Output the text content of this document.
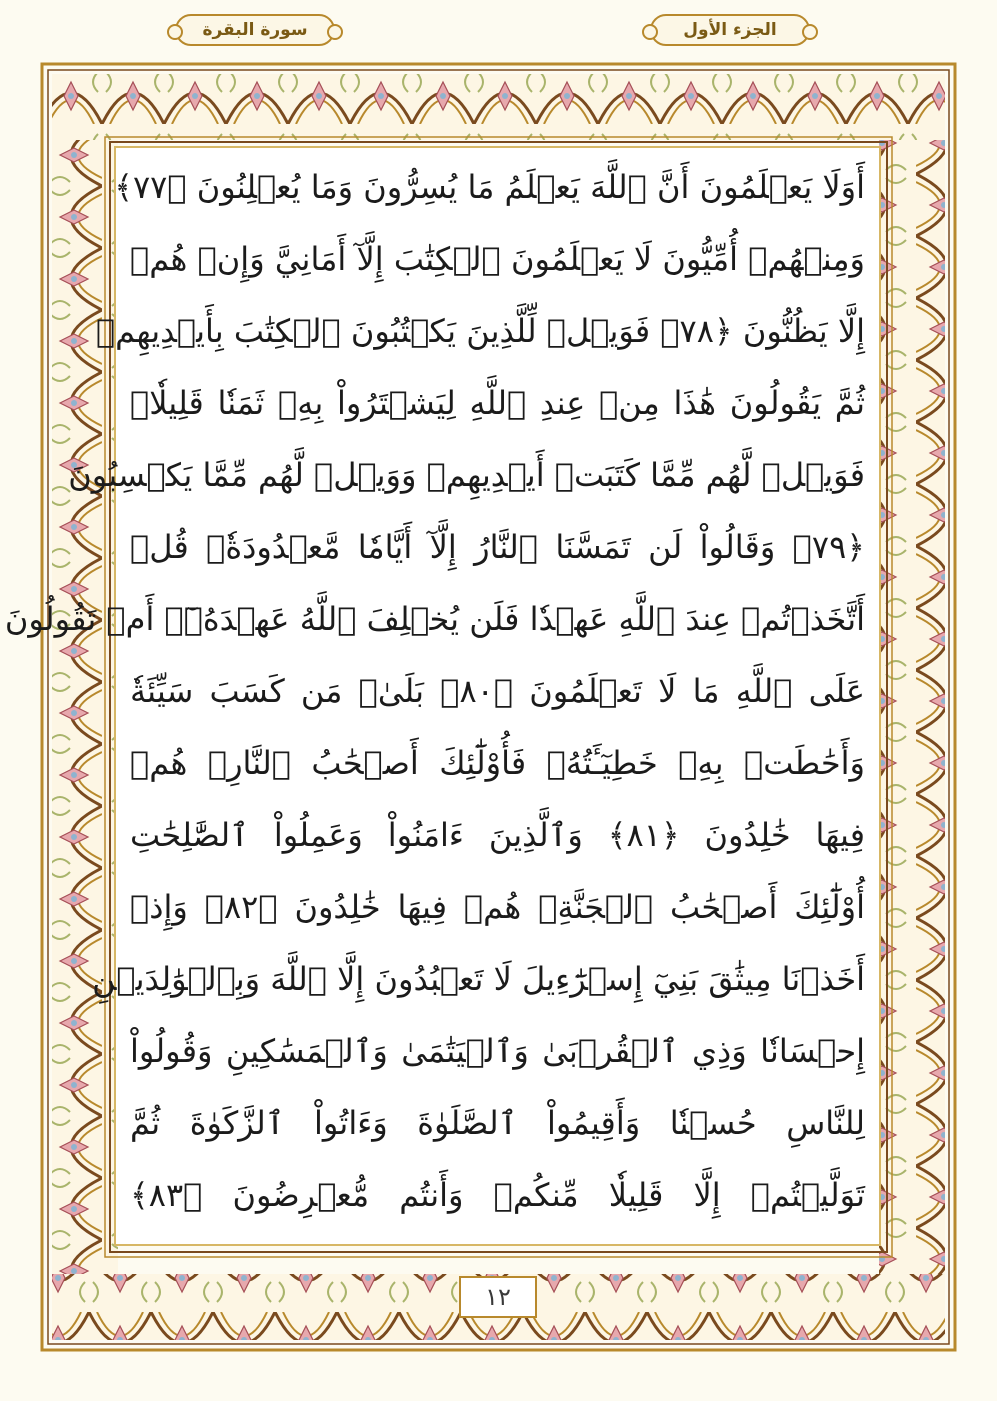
الجزء الأول
سورة البقرة
أَوَلَا يَعۡلَمُونَ أَنَّ ٱللَّهَ يَعۡلَمُ مَا يُسِرُّونَ وَمَا يُعۡلِنُونَ ﴿٧٧﴾
وَمِنۡهُمۡ أُمِّيُّونَ لَا يَعۡلَمُونَ ٱلۡكِتَٰبَ إِلَّآ أَمَانِيَّ وَإِنۡ هُمۡ
إِلَّا يَظُنُّونَ ﴿٧٨﴾ فَوَيۡلٞ لِّلَّذِينَ يَكۡتُبُونَ ٱلۡكِتَٰبَ بِأَيۡدِيهِمۡ
ثُمَّ يَقُولُونَ هَٰذَا مِنۡ عِندِ ٱللَّهِ لِيَشۡتَرُواْ بِهِۦ ثَمَنٗا قَلِيلٗاۖ
فَوَيۡلٞ لَّهُم مِّمَّا كَتَبَتۡ أَيۡدِيهِمۡ وَوَيۡلٞ لَّهُم مِّمَّا يَكۡسِبُونَ
﴿٧٩﴾ وَقَالُواْ لَن تَمَسَّنَا ٱلنَّارُ إِلَّآ أَيَّامٗا مَّعۡدُودَةٗۚ قُلۡ
أَتَّخَذۡتُمۡ عِندَ ٱللَّهِ عَهۡدٗا فَلَن يُخۡلِفَ ٱللَّهُ عَهۡدَهُۥٓۖ أَمۡ تَقُولُونَ
عَلَى ٱللَّهِ مَا لَا تَعۡلَمُونَ ﴿٨٠﴾ بَلَىٰۚ مَن كَسَبَ سَيِّئَةٗ
وَأَحَٰطَتۡ بِهِۦ خَطِيٓـَٔتُهُۥ فَأُوْلَٰٓئِكَ أَصۡحَٰبُ ٱلنَّارِۖ هُمۡ
فِيهَا خَٰلِدُونَ ﴿٨١﴾ وَٱلَّذِينَ ءَامَنُواْ وَعَمِلُواْ ٱلصَّٰلِحَٰتِ
أُوْلَٰٓئِكَ أَصۡحَٰبُ ٱلۡجَنَّةِۖ هُمۡ فِيهَا خَٰلِدُونَ ﴿٨٢﴾ وَإِذۡ
أَخَذۡنَا مِيثَٰقَ بَنِيٓ إِسۡرَٰٓءِيلَ لَا تَعۡبُدُونَ إِلَّا ٱللَّهَ وَبِٱلۡوَٰلِدَيۡنِ
إِحۡسَانٗا وَذِي ٱلۡقُرۡبَىٰ وَٱلۡيَتَٰمَىٰ وَٱلۡمَسَٰكِينِ وَقُولُواْ
لِلنَّاسِ حُسۡنٗا وَأَقِيمُواْ ٱلصَّلَوٰةَ وَءَاتُواْ ٱلزَّكَوٰةَ ثُمَّ
تَوَلَّيۡتُمۡ إِلَّا قَلِيلٗا مِّنكُمۡ وَأَنتُم مُّعۡرِضُونَ ﴿٨٣﴾
١٢
